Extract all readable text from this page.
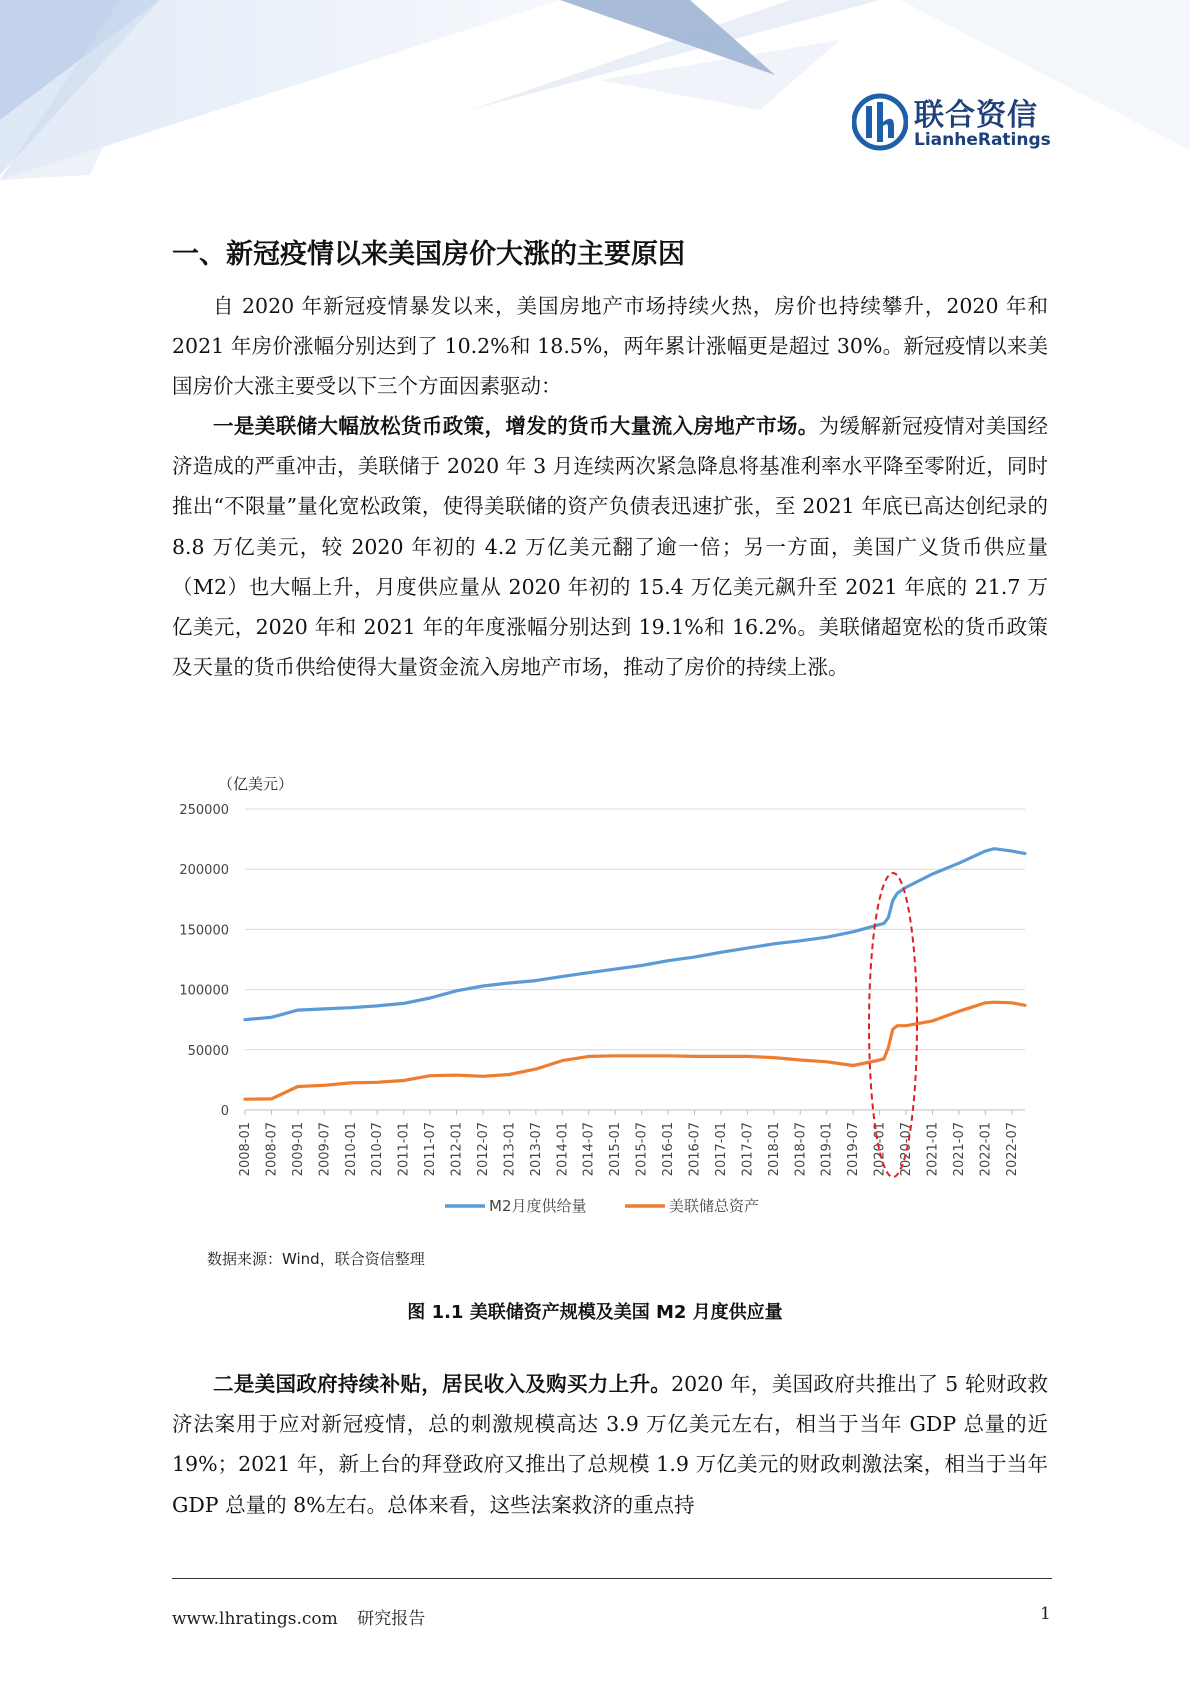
联合资信
LianheRatings
一、新冠疫情以来美国房价大涨的主要原因

自 2020 年新冠疫情暴发以来，美国房地产市场持续火热，房价也持续攀升，2020 年和 2021 年房价涨幅分别达到了 10.2%和 18.5%，两年累计涨幅更是超过 30%。新冠疫情以来美国房价大涨主要受以下三个方面因素驱动：

一是美联储大幅放松货币政策，增发的货币大量流入房地产市场。为缓解新冠疫情对美国经济造成的严重冲击，美联储于 2020 年 3 月连续两次紧急降息将基准利率水平降至零附近，同时推出“不限量”量化宽松政策，使得美联储的资产负债表迅速扩张，至 2021 年底已高达创纪录的 8.8 万亿美元，较 2020 年初的 4.2 万亿美元翻了逾一倍；另一方面，美国广义货币供应量（M2）也大幅上升，月度供应量从 2020 年初的 15.4 万亿美元飙升至 2021 年底的 21.7 万亿美元，2020 年和 2021 年的年度涨幅分别达到 19.1%和 16.2%。美联储超宽松的货币政策及天量的货币供给使得大量资金流入房地产市场，推动了房价的持续上涨。

（亿美元）
250000
200000
150000
100000
50000
0
2008-01 2008-07 2009-01 2009-07 2010-01 2010-07 2011-01 2011-07 2012-01 2012-07 2013-01 2013-07 2014-01 2014-07 2015-01 2015-07 2016-01 2016-07 2017-01 2017-07 2018-01 2018-07 2019-01 2019-07 2020-01 2020-07 2021-01 2021-07 2022-01 2022-07
M2月度供给量	美联储总资产
数据来源：Wind，联合资信整理
图 1.1 美联储资产规模及美国 M2 月度供应量

二是美国政府持续补贴，居民收入及购买力上升。2020 年，美国政府共推出了 5 轮财政救济法案用于应对新冠疫情，总的刺激规模高达 3.9 万亿美元左右，相当于当年 GDP 总量的近 19%；2021 年，新上台的拜登政府又推出了总规模 1.9 万亿美元的财政刺激法案，相当于当年 GDP 总量的 8%左右。总体来看，这些法案救济的重点持

www.lhratings.com 研究报告	1
